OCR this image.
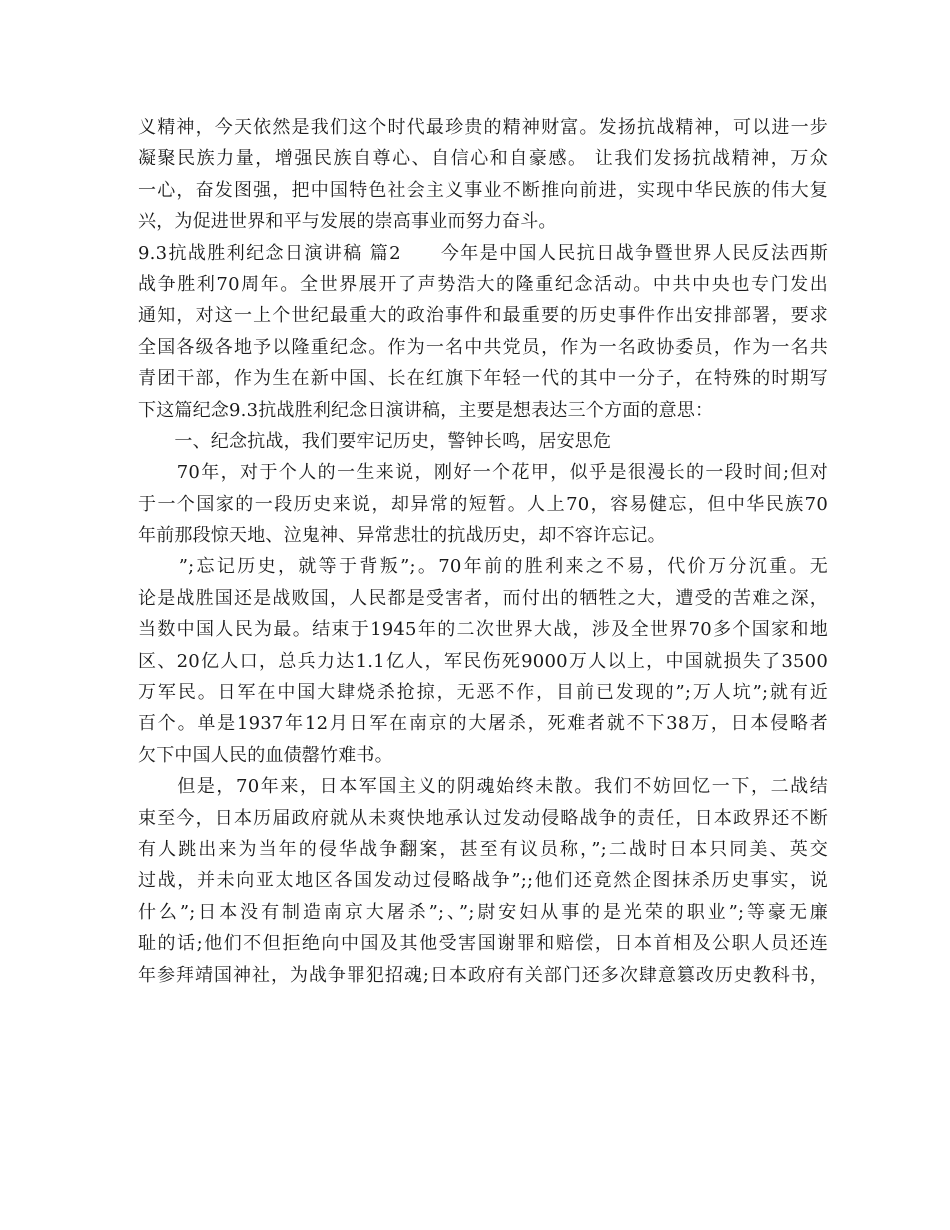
义精神，今天依然是我们这个时代最珍贵的精神财富。发扬抗战精神，可以进一步
凝聚民族力量，增强民族自尊心、自信心和自豪感。 让我们发扬抗战精神，万众
一心，奋发图强，把中国特色社会主义事业不断推向前进，实现中华民族的伟大复
兴，为促进世界和平与发展的崇高事业而努力奋斗。
9.3抗战胜利纪念日演讲稿 篇2　　今年是中国人民抗日战争暨世界人民反法西斯
战争胜利70周年。全世界展开了声势浩大的隆重纪念活动。中共中央也专门发出
通知，对这一上个世纪最重大的政治事件和最重要的历史事件作出安排部署，要求
全国各级各地予以隆重纪念。作为一名中共党员，作为一名政协委员，作为一名共
青团干部，作为生在新中国、长在红旗下年轻一代的其中一分子，在特殊的时期写
下这篇纪念9.3抗战胜利纪念日演讲稿，主要是想表达三个方面的意思：
　　一、纪念抗战，我们要牢记历史，警钟长鸣，居安思危
　　70年，对于个人的一生来说，刚好一个花甲，似乎是很漫长的一段时间;但对
于一个国家的一段历史来说，却异常的短暂。人上70，容易健忘，但中华民族70
年前那段惊天地、泣鬼神、异常悲壮的抗战历史，却不容许忘记。
　　”;忘记历史，就等于背叛”;。70年前的胜利来之不易，代价万分沉重。无
论是战胜国还是战败国，人民都是受害者，而付出的牺牲之大，遭受的苦难之深，
当数中国人民为最。结束于1945年的二次世界大战，涉及全世界70多个国家和地
区、20亿人口，总兵力达1.1亿人，军民伤死9000万人以上，中国就损失了3500
万军民。日军在中国大肆烧杀抢掠，无恶不作，目前已发现的”;万人坑”;就有近
百个。单是1937年12月日军在南京的大屠杀，死难者就不下38万，日本侵略者
欠下中国人民的血债罄竹难书。
　　但是，70年来，日本军国主义的阴魂始终未散。我们不妨回忆一下，二战结
束至今，日本历届政府就从未爽快地承认过发动侵略战争的责任，日本政界还不断
有人跳出来为当年的侵华战争翻案，甚至有议员称，”;二战时日本只同美、英交
过战，并未向亚太地区各国发动过侵略战争”;;他们还竟然企图抹杀历史事实，说
什么”;日本没有制造南京大屠杀”;、”;尉安妇从事的是光荣的职业”;等豪无廉
耻的话;他们不但拒绝向中国及其他受害国谢罪和赔偿，日本首相及公职人员还连
年参拜靖国神社，为战争罪犯招魂;日本政府有关部门还多次肆意篡改历史教科书，
